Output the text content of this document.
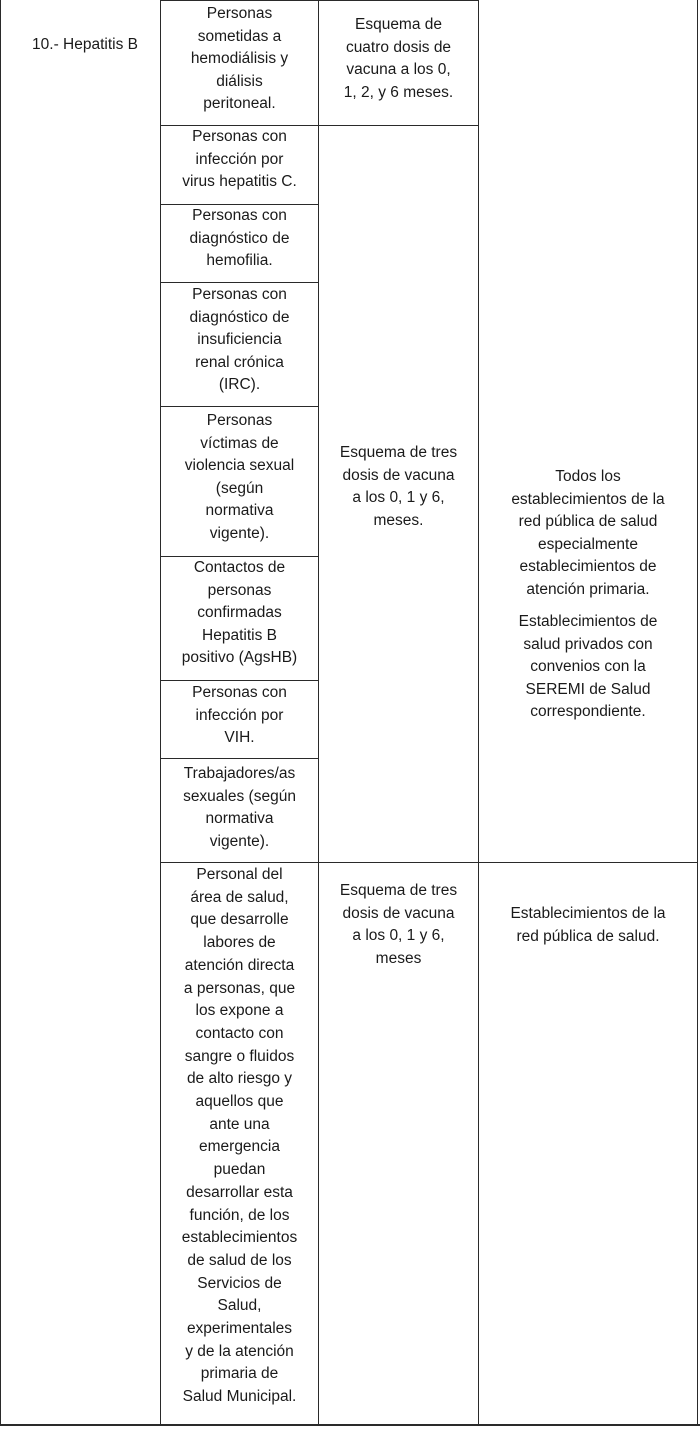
10.- Hepatitis B
Personas
sometidas a
hemodiálisis y
diálisis
peritoneal.
Personas con
infección por
virus hepatitis C.
Personas con
diagnóstico de
hemofilia.
Personas con
diagnóstico de
insuficiencia
renal crónica
(IRC).
Personas
víctimas de
violencia sexual
(según
normativa
vigente).
Contactos de
personas
confirmadas
Hepatitis B
positivo (AgsHB)
Personas con
infección por
VIH.
Trabajadores/as
sexuales (según
normativa
vigente).
Personal del
área de salud,
que desarrolle
labores de
atención directa
a personas, que
los expone a
contacto con
sangre o fluidos
de alto riesgo y
aquellos que
ante una
emergencia
puedan
desarrollar esta
función, de los
establecimientos
de salud de los
Servicios de
Salud,
experimentales
y de la atención
primaria de
Salud Municipal.
Esquema de
cuatro dosis de
vacuna a los 0,
1, 2, y 6 meses.
Esquema de tres
dosis de vacuna
a los 0, 1 y 6,
meses.
Esquema de tres
dosis de vacuna
a los 0, 1 y 6,
meses
Todos los
establecimientos de la
red pública de salud
especialmente
establecimientos de
atención primaria.
Establecimientos de
salud privados con
convenios con la
SEREMI de Salud
correspondiente.
Establecimientos de la
red pública de salud.
